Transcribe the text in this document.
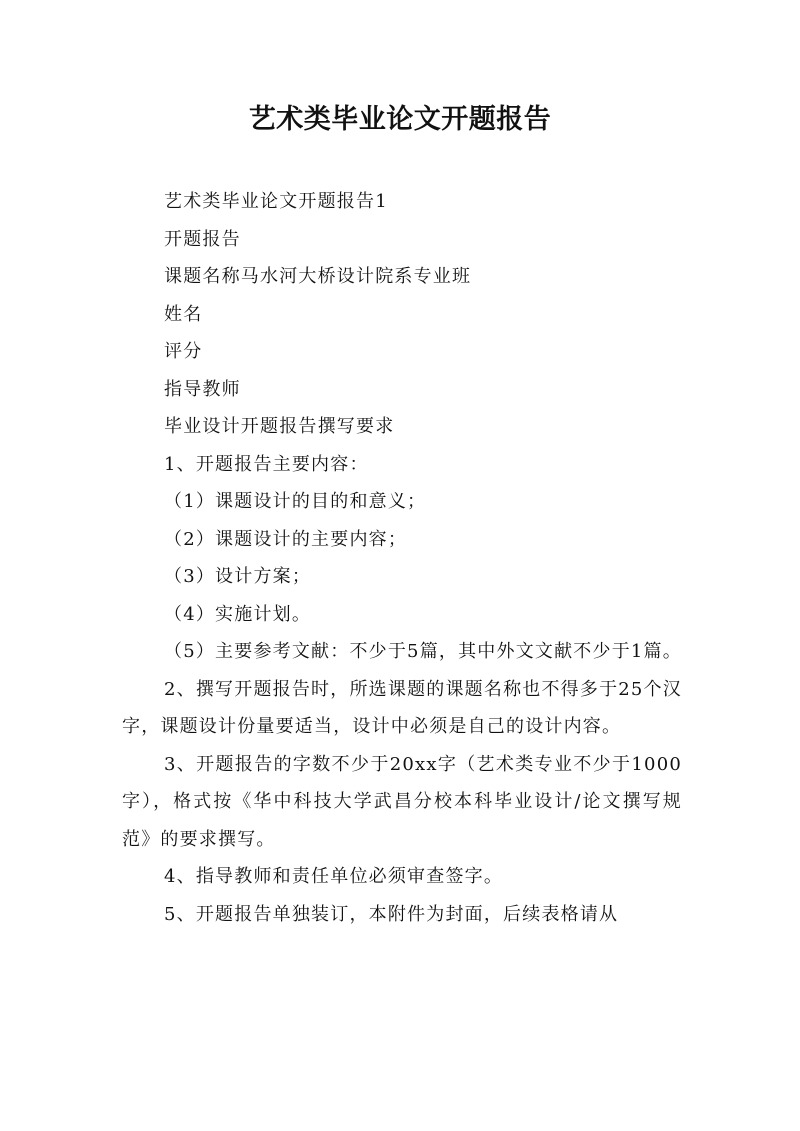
艺术类毕业论文开题报告
艺术类毕业论文开题报告1
开题报告
课题名称马水河大桥设计院系专业班
姓名
评分
指导教师
毕业设计开题报告撰写要求
1、开题报告主要内容：
（1）课题设计的目的和意义；
（2）课题设计的主要内容；
（3）设计方案；
（4）实施计划。
（5）主要参考文献：不少于5篇，其中外文文献不少于1篇。
2、撰写开题报告时，所选课题的课题名称也不得多于25个汉字，课题设计份量要适当，设计中必须是自己的设计内容。
3、开题报告的字数不少于20xx字（艺术类专业不少于1000字），格式按《华中科技大学武昌分校本科毕业设计/论文撰写规范》的要求撰写。
4、指导教师和责任单位必须审查签字。
5、开题报告单独装订，本附件为封面，后续表格请从
